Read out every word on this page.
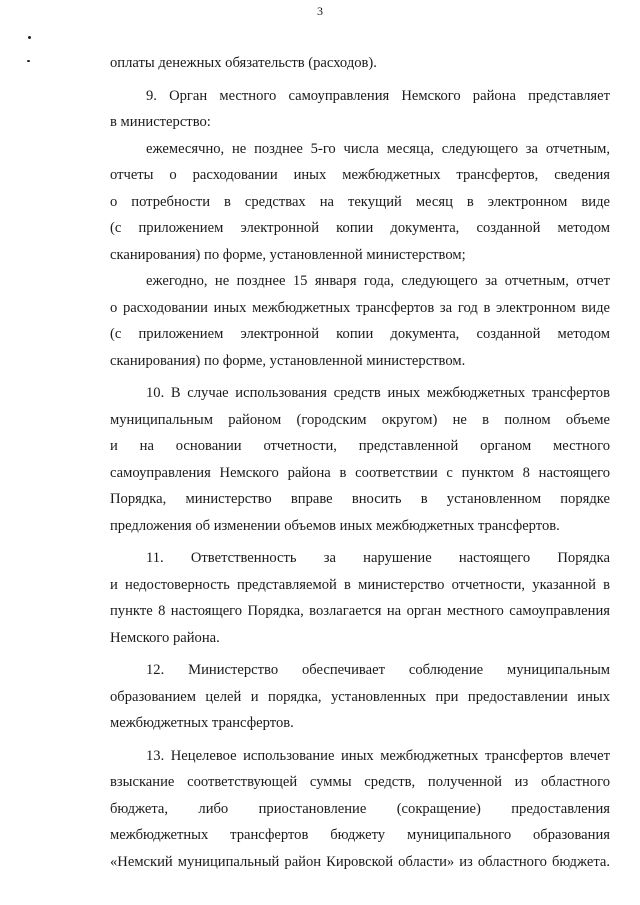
3
оплаты денежных обязательств (расходов).
9. Орган местного самоуправления Немского района представляет
в министерство:
ежемесячно, не позднее 5-го числа месяца, следующего за отчетным,
отчеты о расходовании иных межбюджетных трансфертов, сведения
о потребности в средствах на текущий месяц в электронном виде
(с приложением электронной копии документа, созданной методом
сканирования) по форме, установленной министерством;
ежегодно, не позднее 15 января года, следующего за отчетным, отчет
о расходовании иных межбюджетных трансфертов за год в электронном виде
(с приложением электронной копии документа, созданной методом
сканирования) по форме, установленной министерством.
10. В случае использования средств иных межбюджетных трансфертов
муниципальным районом (городским округом) не в полном объеме
и на основании отчетности, представленной органом местного
самоуправления Немского района в соответствии с пунктом 8 настоящего
Порядка, министерство вправе вносить в установленном порядке
предложения об изменении объемов иных межбюджетных трансфертов.
11. Ответственность за нарушение настоящего Порядка
и недостоверность представляемой в министерство отчетности, указанной в
пункте 8 настоящего Порядка, возлагается на орган местного самоуправления
Немского района.
12. Министерство обеспечивает соблюдение муниципальным
образованием целей и порядка, установленных при предоставлении иных
межбюджетных трансфертов.
13. Нецелевое использование иных межбюджетных трансфертов влечет
взыскание соответствующей суммы средств, полученной из областного
бюджета, либо приостановление (сокращение) предоставления
межбюджетных трансфертов бюджету муниципального образования
«Немский муниципальный район Кировской области» из областного бюджета.
